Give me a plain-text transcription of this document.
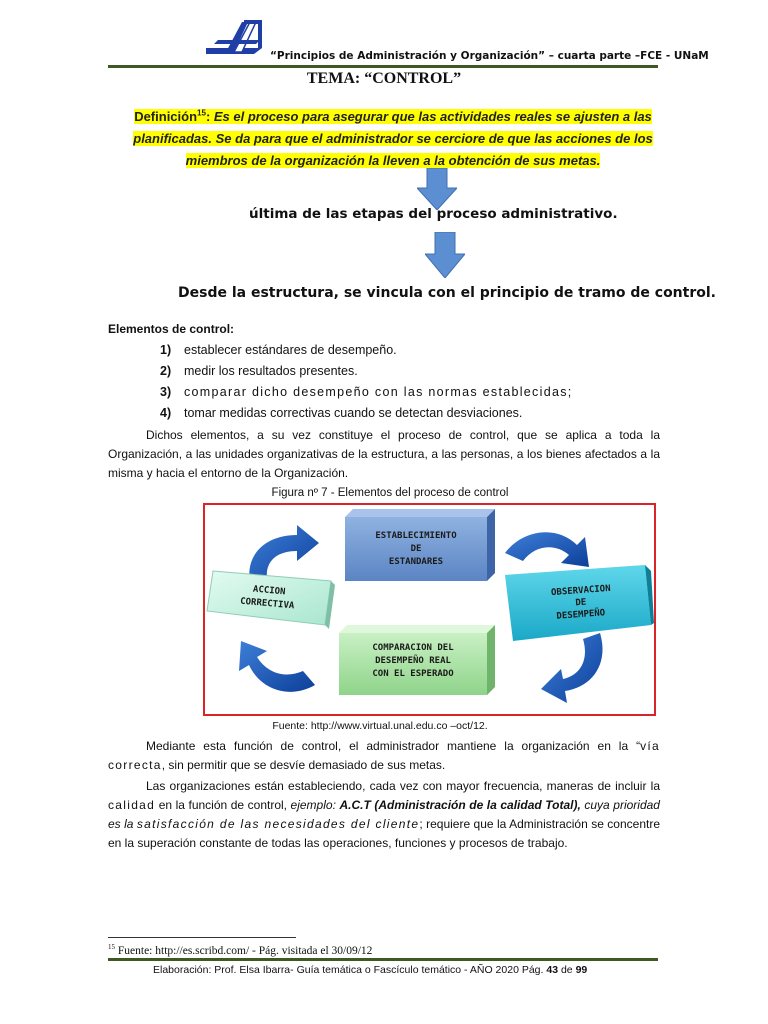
“Principios de Administración y Organización” – cuarta parte –FCE - UNaM
TEMA: “CONTROL”
Definición$^{15}$: Es el proceso para asegurar que las actividades reales se ajusten a las planificadas. Se da para que el administrador se cerciore de que las acciones de los miembros de la organización la lleven a la obtención de sus metas.
última de las etapas del proceso administrativo.
Desde la estructura, se vincula con el principio de tramo de control.
Elementos de control:
1) establecer estándares de desempeño.
2) medir los resultados presentes.
3) comparar dicho desempeño con las normas establecidas;
4) tomar medidas correctivas cuando se detectan desviaciones.
Dichos elementos, a su vez constituye el proceso de control, que se aplica a toda la Organización, a las unidades organizativas de la estructura, a las personas, a los bienes afectados a la misma y hacia el entorno de la Organización.
Figura nº 7 - Elementos del proceso de control
ESTABLECIMIENTO
DE
ESTANDARES
OBSERVACION
DE
DESEMPEÑO
COMPARACION DEL
DESEMPEÑO REAL
CON EL ESPERADO
ACCION
CORRECTIVA
Fuente: http://www.virtual.unal.edu.co –oct/12.
Mediante esta función de control, el administrador mantiene la organización en la “vía correcta, sin permitir que se desvíe demasiado de sus metas.
Las organizaciones están estableciendo, cada vez con mayor frecuencia, maneras de incluir la calidad en la función de control, ejemplo: A.C.T (Administración de la calidad Total), cuya prioridad es la satisfacción de las necesidades del cliente; requiere que la Administración se concentre en la superación constante de todas las operaciones, funciones y procesos de trabajo.
$^{15}$ Fuente: http://es.scribd.com/ - Pág. visitada el 30/09/12
Elaboración: Prof. Elsa Ibarra- Guía temática o Fascículo temático - AÑO 2020 Pág. 43 de 99
